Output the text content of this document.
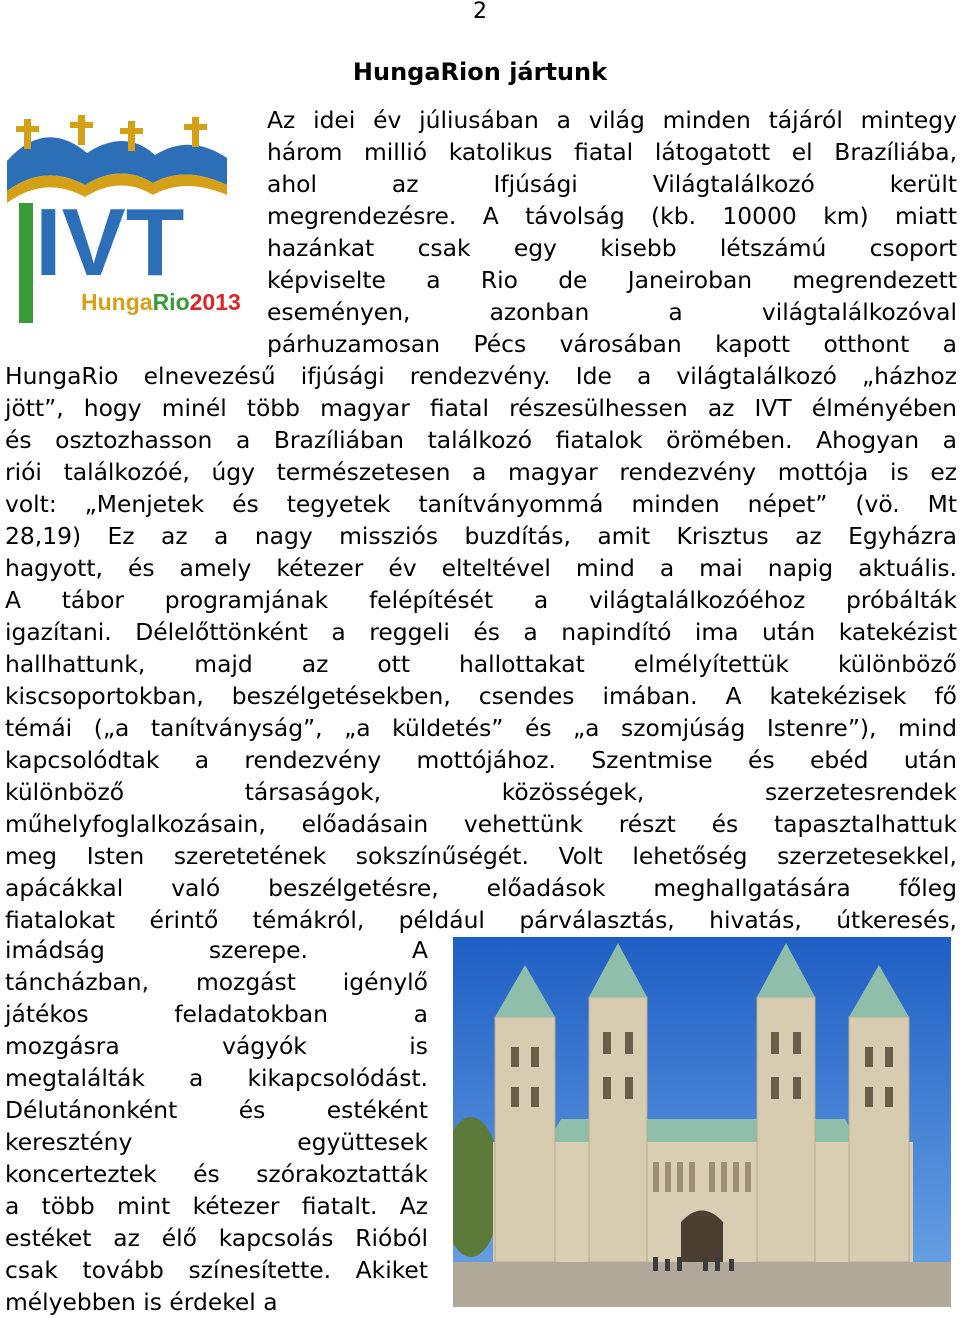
2
HungaRion jártunk
IVT
HungaRio2013
Az idei év júliusában a világ minden tájáról mintegy
három millió katolikus fiatal látogatott el Brazíliába,
ahol az Ifjúsági Világtalálkozó került
megrendezésre. A távolság (kb. 10000 km) miatt
hazánkat csak egy kisebb létszámú csoport
képviselte a Rio de Janeiroban megrendezett
eseményen, azonban a világtalálkozóval
párhuzamosan Pécs városában kapott otthont a
HungaRio elnevezésű ifjúsági rendezvény. Ide a világtalálkozó „házhoz
jött”, hogy minél több magyar fiatal részesülhessen az IVT élményében
és osztozhasson a Brazíliában találkozó fiatalok örömében. Ahogyan a
riói találkozóé, úgy természetesen a magyar rendezvény mottója is ez
volt: „Menjetek és tegyetek tanítványommá minden népet” (vö. Mt
28,19) Ez az a nagy missziós buzdítás, amit Krisztus az Egyházra
hagyott, és amely kétezer év elteltével mind a mai napig aktuális.
A tábor programjának felépítését a világtalálkozóéhoz próbálták
igazítani. Délelőttönként a reggeli és a napindító ima után katekézist
hallhattunk, majd az ott hallottakat elmélyítettük különböző
kiscsoportokban, beszélgetésekben, csendes imában. A katekézisek fő
témái („a tanítványság”, „a küldetés” és „a szomjúság Istenre”), mind
kapcsolódtak a rendezvény mottójához. Szentmise és ebéd után
különböző társaságok, közösségek, szerzetesrendek
műhelyfoglalkozásain, előadásain vehettünk részt és tapasztalhattuk
meg Isten szeretetének sokszínűségét. Volt lehetőség szerzetesekkel,
apácákkal való beszélgetésre, előadások meghallgatására főleg
fiatalokat érintő témákról, például párválasztás, hivatás, útkeresés,
imádság szerepe. A
táncházban, mozgást igénylő
játékos feladatokban a
mozgásra vágyók is
megtalálták a kikapcsolódást.
Délutánonként és estéként
keresztény együttesek
koncerteztek és szórakoztatták
a több mint kétezer fiatalt. Az
estéket az élő kapcsolás Rióból
csak tovább színesítette. Akiket
mélyebben is érdekel a
